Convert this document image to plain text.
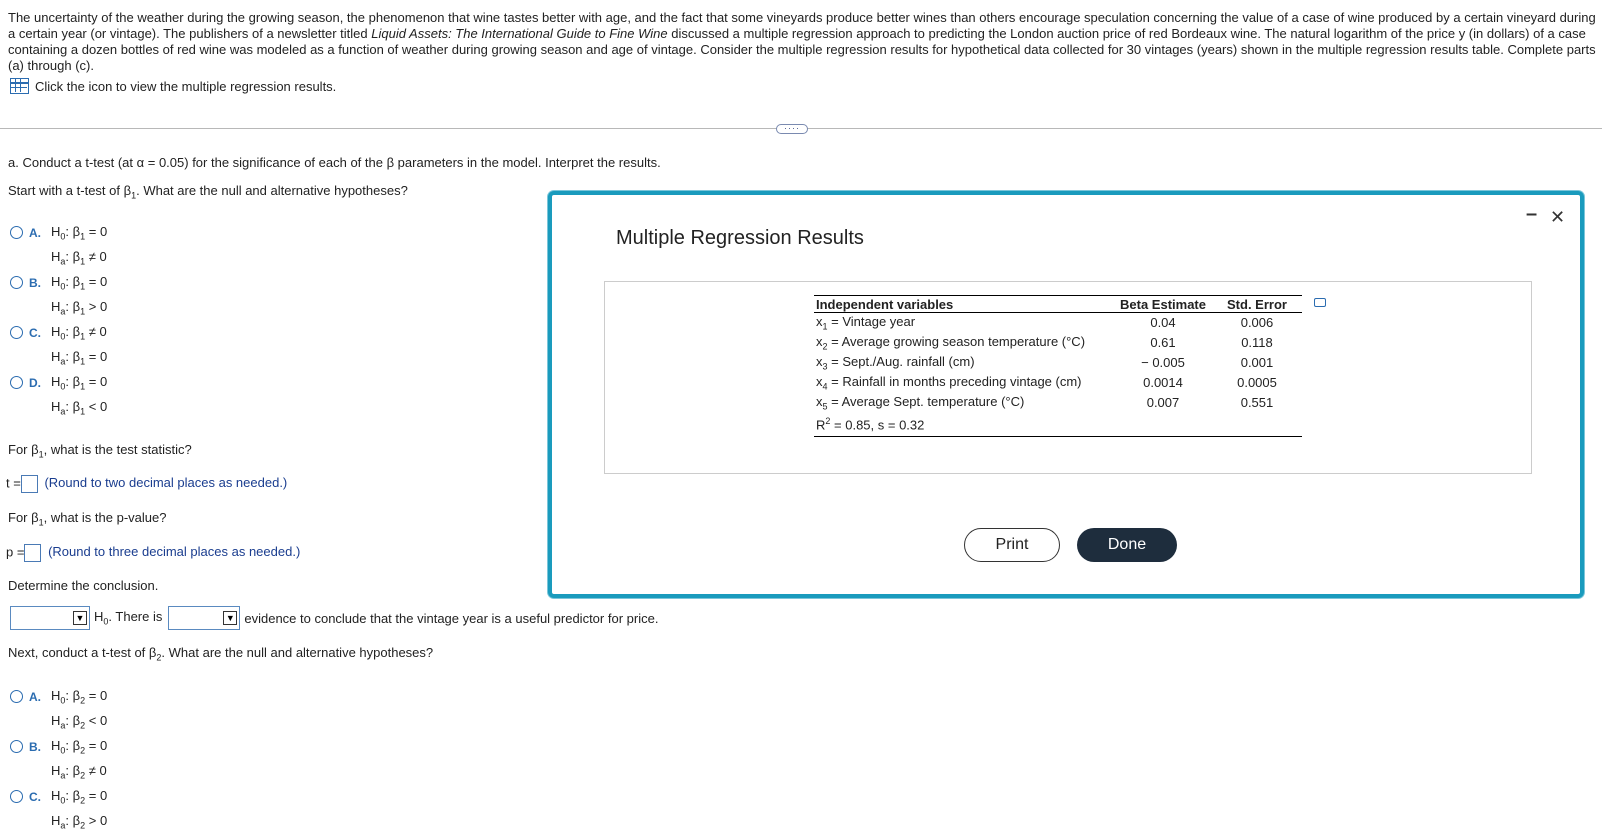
The uncertainty of the weather during the growing season, the phenomenon that wine tastes better with age, and the fact that some vineyards produce better wines than others encourage speculation concerning the value of a case of wine produced by a certain vineyard during a certain year (or vintage). The publishers of a newsletter titled Liquid Assets: The International Guide to Fine Wine discussed a multiple regression approach to predicting the London auction price of red Bordeaux wine. The natural logarithm of the price y (in dollars) of a case containing a dozen bottles of red wine was modeled as a function of weather during growing season and age of vintage. Consider the multiple regression results for hypothetical data collected for 30 vintages (years) shown in the multiple regression results table. Complete parts (a) through (c).
Click the icon to view the multiple regression results.
····
a. Conduct a t-test (at α = 0.05) for the significance of each of the β parameters in the model. Interpret the results.
Start with a t-test of $\beta_1$. What are the null and alternative hypotheses?
A. $H_0$: $\beta_1 = 0$
$H_a$: $\beta_1 \ne 0$
B. $H_0$: $\beta_1 = 0$
$H_a$: $\beta_1 > 0$
C. $H_0$: $\beta_1 \ne 0$
$H_a$: $\beta_1 = 0$
D. $H_0$: $\beta_1 = 0$
$H_a$: $\beta_1 < 0$
For $\beta_1$, what is the test statistic?
t = (Round to two decimal places as needed.)
For $\beta_1$, what is the p-value?
p = (Round to three decimal places as needed.)
Determine the conclusion.
▼ $H_0$. There is	▼ evidence to conclude that the vintage year is a useful predictor for price.
Next, conduct a t-test of $\beta_2$. What are the null and alternative hypotheses?
A. $H_0$: $\beta_2 = 0$
$H_a$: $\beta_2 < 0$
B. $H_0$: $\beta_2 = 0$
$H_a$: $\beta_2 \ne 0$
C. $H_0$: $\beta_2 = 0$
$H_a$: $\beta_2 > 0$
Multiple Regression Results
– ✕
Independent variables	Beta Estimate	Std. Error
$x_1$ = Vintage year	0.04	0.006
$x_2$ = Average growing season temperature (°C)	0.61	0.118
$x_3$ = Sept./Aug. rainfall (cm)	− 0.005	0.001
$x_4$ = Rainfall in months preceding vintage (cm)	0.0014	0.0005
$x_5$ = Average Sept. temperature (°C)	0.007	0.551
$R^2 = 0.85$, s = 0.32		
Print	Done
